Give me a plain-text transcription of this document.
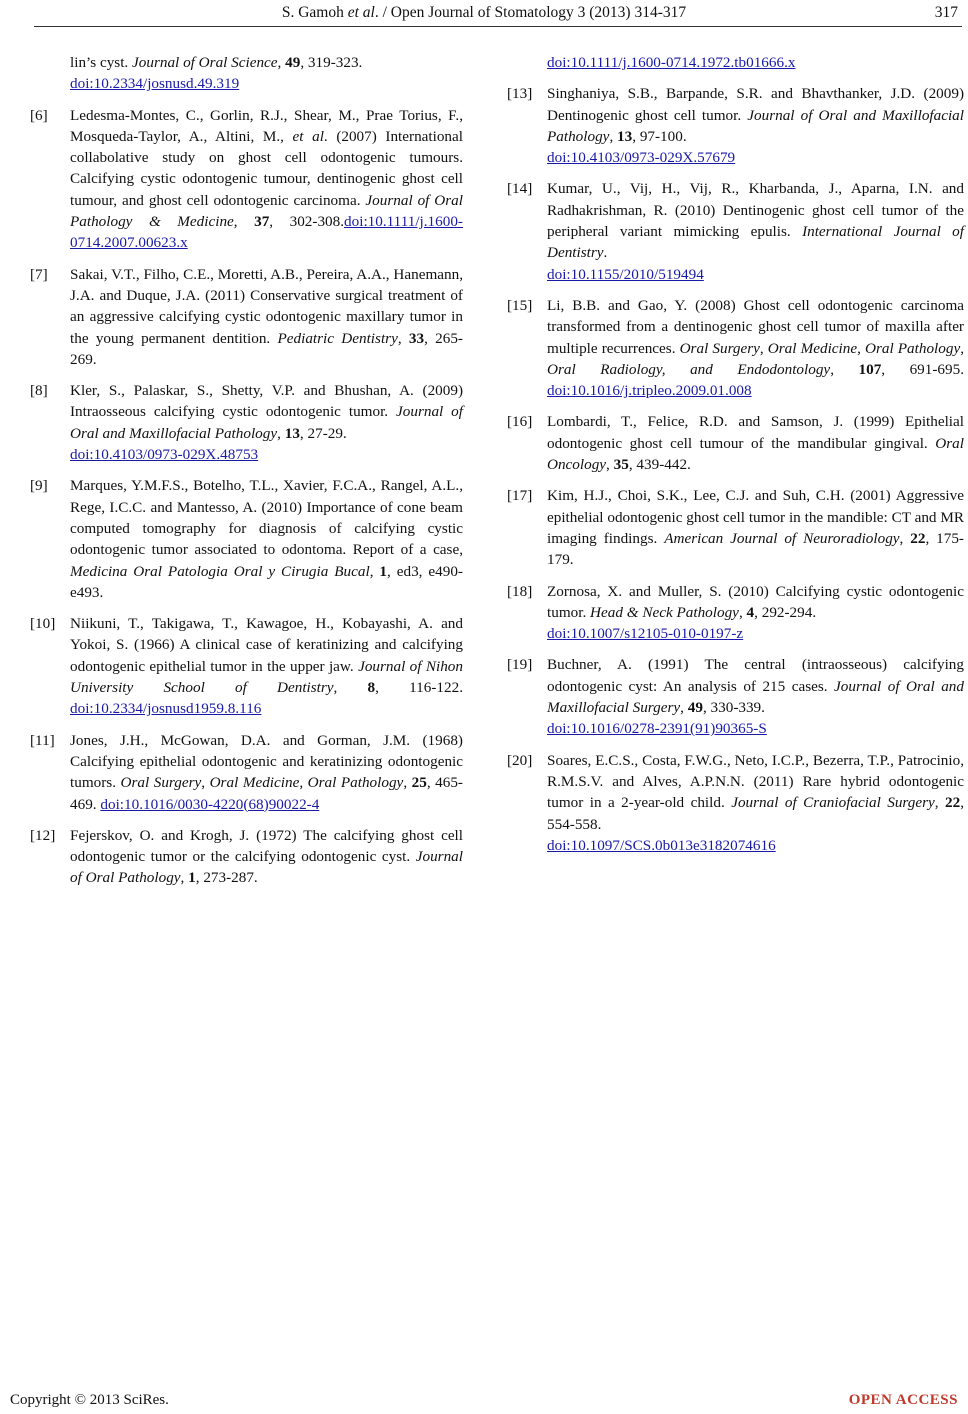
S. Gamoh et al. / Open Journal of Stomatology 3 (2013) 314-317	317
lin’s cyst. Journal of Oral Science, 49, 319-323.
doi:10.2334/josnusd.49.319
[6] Ledesma-Montes, C., Gorlin, R.J., Shear, M., Prae Torius, F., Mosqueda-Taylor, A., Altini, M., et al. (2007) International collabolative study on ghost cell odontogenic tumours. Calcifying cystic odontogenic tumour, dentinogenic ghost cell tumour, and ghost cell odontogenic carcinoma. Journal of Oral Pathology & Medicine, 37, 302-308.doi:10.1111/j.1600-0714.2007.00623.x
[7] Sakai, V.T., Filho, C.E., Moretti, A.B., Pereira, A.A., Hanemann, J.A. and Duque, J.A. (2011) Conservative surgical treatment of an aggressive calcifying cystic odontogenic maxillary tumor in the young permanent dentition. Pediatric Dentistry, 33, 265-269.
[8] Kler, S., Palaskar, S., Shetty, V.P. and Bhushan, A. (2009) Intraosseous calcifying cystic odontogenic tumor. Journal of Oral and Maxillofacial Pathology, 13, 27-29.
doi:10.4103/0973-029X.48753
[9] Marques, Y.M.F.S., Botelho, T.L., Xavier, F.C.A., Rangel, A.L., Rege, I.C.C. and Mantesso, A. (2010) Importance of cone beam computed tomography for diagnosis of calcifying cystic odontogenic tumor associated to odontoma. Report of a case, Medicina Oral Patologia Oral y Cirugia Bucal, 1, ed3, e490-e493.
[10] Niikuni, T., Takigawa, T., Kawagoe, H., Kobayashi, A. and Yokoi, S. (1966) A clinical case of keratinizing and calcifying odontogenic epithelial tumor in the upper jaw. Journal of Nihon University School of Dentistry, 8, 116-122. doi:10.2334/josnusd1959.8.116
[11] Jones, J.H., McGowan, D.A. and Gorman, J.M. (1968) Calcifying epithelial odontogenic and keratinizing odontogenic tumors. Oral Surgery, Oral Medicine, Oral Pathology, 25, 465-469. doi:10.1016/0030-4220(68)90022-4
[12] Fejerskov, O. and Krogh, J. (1972) The calcifying ghost cell odontogenic tumor or the calcifying odontogenic cyst. Journal of Oral Pathology, 1, 273-287.
doi:10.1111/j.1600-0714.1972.tb01666.x
[13] Singhaniya, S.B., Barpande, S.R. and Bhavthanker, J.D. (2009) Dentinogenic ghost cell tumor. Journal of Oral and Maxillofacial Pathology, 13, 97-100.
doi:10.4103/0973-029X.57679
[14] Kumar, U., Vij, H., Vij, R., Kharbanda, J., Aparna, I.N. and Radhakrishman, R. (2010) Dentinogenic ghost cell tumor of the peripheral variant mimicking epulis. International Journal of Dentistry.
doi:10.1155/2010/519494
[15] Li, B.B. and Gao, Y. (2008) Ghost cell odontogenic carcinoma transformed from a dentinogenic ghost cell tumor of maxilla after multiple recurrences. Oral Surgery, Oral Medicine, Oral Pathology, Oral Radiology, and Endodontology, 107, 691-695. doi:10.1016/j.tripleo.2009.01.008
[16] Lombardi, T., Felice, R.D. and Samson, J. (1999) Epithelial odontogenic ghost cell tumour of the mandibular gingival. Oral Oncology, 35, 439-442.
[17] Kim, H.J., Choi, S.K., Lee, C.J. and Suh, C.H. (2001) Aggressive epithelial odontogenic ghost cell tumor in the mandible: CT and MR imaging findings. American Journal of Neuroradiology, 22, 175-179.
[18] Zornosa, X. and Muller, S. (2010) Calcifying cystic odontogenic tumor. Head & Neck Pathology, 4, 292-294.
doi:10.1007/s12105-010-0197-z
[19] Buchner, A. (1991) The central (intraosseous) calcifying odontogenic cyst: An analysis of 215 cases. Journal of Oral and Maxillofacial Surgery, 49, 330-339.
doi:10.1016/0278-2391(91)90365-S
[20] Soares, E.C.S., Costa, F.W.G., Neto, I.C.P., Bezerra, T.P., Patrocinio, R.M.S.V. and Alves, A.P.N.N. (2011) Rare hybrid odontogenic tumor in a 2-year-old child. Journal of Craniofacial Surgery, 22, 554-558.
doi:10.1097/SCS.0b013e3182074616
Copyright © 2013 SciRes.	OPEN ACCESS
